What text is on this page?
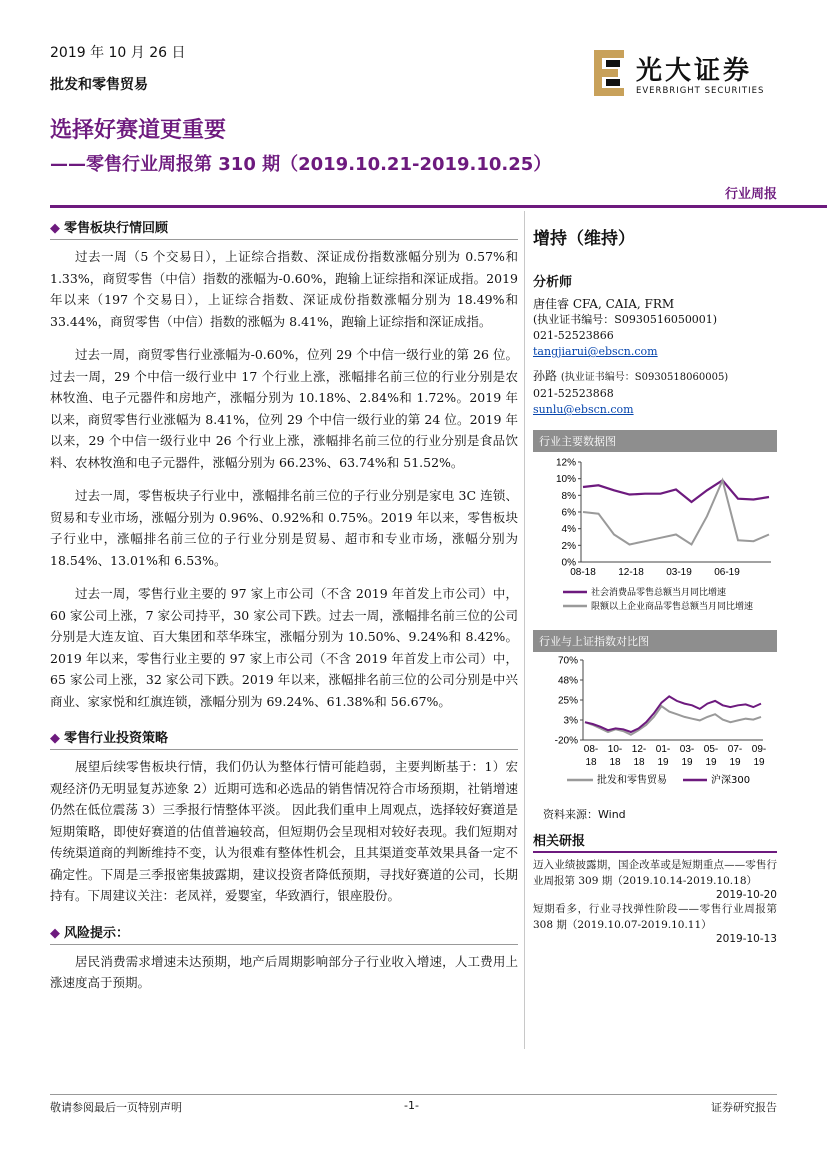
2019 年 10 月 26 日
批发和零售贸易
选择好赛道更重要
——零售行业周报第 310 期（2019.10.21-2019.10.25）
行业周报
光大证券
EVERBRIGHT SECURITIES
◆ 零售板块行情回顾

过去一周（5 个交易日），上证综合指数、深证成份指数涨幅分别为 0.57%和 1.33%，商贸零售（中信）指数的涨幅为-0.60%，跑输上证综指和深证成指。2019 年以来（197 个交易日），上证综合指数、深证成份指数涨幅分别为 18.49%和 33.44%，商贸零售（中信）指数的涨幅为 8.41%，跑输上证综指和深证成指。

过去一周，商贸零售行业涨幅为-0.60%，位列 29 个中信一级行业的第 26 位。过去一周，29 个中信一级行业中 17 个行业上涨，涨幅排名前三位的行业分别是农林牧渔、电子元器件和房地产，涨幅分别为 10.18%、2.84%和 1.72%。2019 年以来，商贸零售行业涨幅为 8.41%，位列 29 个中信一级行业的第 24 位。2019 年以来，29 个中信一级行业中 26 个行业上涨，涨幅排名前三位的行业分别是食品饮料、农林牧渔和电子元器件，涨幅分别为 66.23%、63.74%和 51.52%。

过去一周，零售板块子行业中，涨幅排名前三位的子行业分别是家电 3C 连锁、贸易和专业市场，涨幅分别为 0.96%、0.92%和 0.75%。2019 年以来，零售板块子行业中，涨幅排名前三位的子行业分别是贸易、超市和专业市场，涨幅分别为 18.54%、13.01%和 6.53%。

过去一周，零售行业主要的 97 家上市公司（不含 2019 年首发上市公司）中，60 家公司上涨，7 家公司持平，30 家公司下跌。过去一周，涨幅排名前三位的公司分别是大连友谊、百大集团和萃华珠宝，涨幅分别为 10.50%、9.24%和 8.42%。2019 年以来，零售行业主要的 97 家上市公司（不含 2019 年首发上市公司）中，65 家公司上涨，32 家公司下跌。2019 年以来，涨幅排名前三位的公司分别是中兴商业、家家悦和红旗连锁，涨幅分别为 69.24%、61.38%和 56.67%。

◆ 零售行业投资策略

展望后续零售板块行情，我们仍认为整体行情可能趋弱，主要判断基于：1）宏观经济仍无明显复苏迹象 2）近期可选和必选品的销售情况符合市场预期，社销增速仍然在低位震荡 3）三季报行情整体平淡。 因此我们重申上周观点，选择较好赛道是短期策略，即使好赛道的估值普遍较高，但短期仍会呈现相对较好表现。我们短期对传统渠道商的判断维持不变，认为很难有整体性机会，且其渠道变革效果具备一定不确定性。下周是三季报密集披露期，建议投资者降低预期，寻找好赛道的公司，长期持有。下周建议关注：老凤祥，爱婴室，华致酒行，银座股份。

◆ 风险提示：

居民消费需求增速未达预期，地产后周期影响部分子行业收入增速，人工费用上涨速度高于预期。

增持（维持）
分析师
唐佳睿 CFA, CAIA, FRM
(执业证书编号：S0930516050001)
021-52523866
tangjiarui@ebscn.com
孙路 (执业证书编号：S0930518060005)
021-52523868
sunlu@ebscn.com
行业主要数据图
12%
10%
8%
6%
4%
2%
0%
08-18 12-18 03-19 06-19
社会消费品零售总额当月同比增速
限额以上企业商品零售总额当月同比增速
行业与上证指数对比图
70%
48%
25%
3%
-20%
08-
18
10-
18
12-
18
01-
19
03-
19
05-
19
07-
19
09-
19
批发和零售贸易	沪深300
资料来源：Wind
相关研报
迈入业绩披露期，国企改革或是短期重点——零售行业周报第 309 期（2019.10.14-2019.10.18）
2019-10-20
短期看多，行业寻找弹性阶段——零售行业周报第 308 期（2019.10.07-2019.10.11）
2019-10-13
敬请参阅最后一页特别声明	-1-	证券研究报告
